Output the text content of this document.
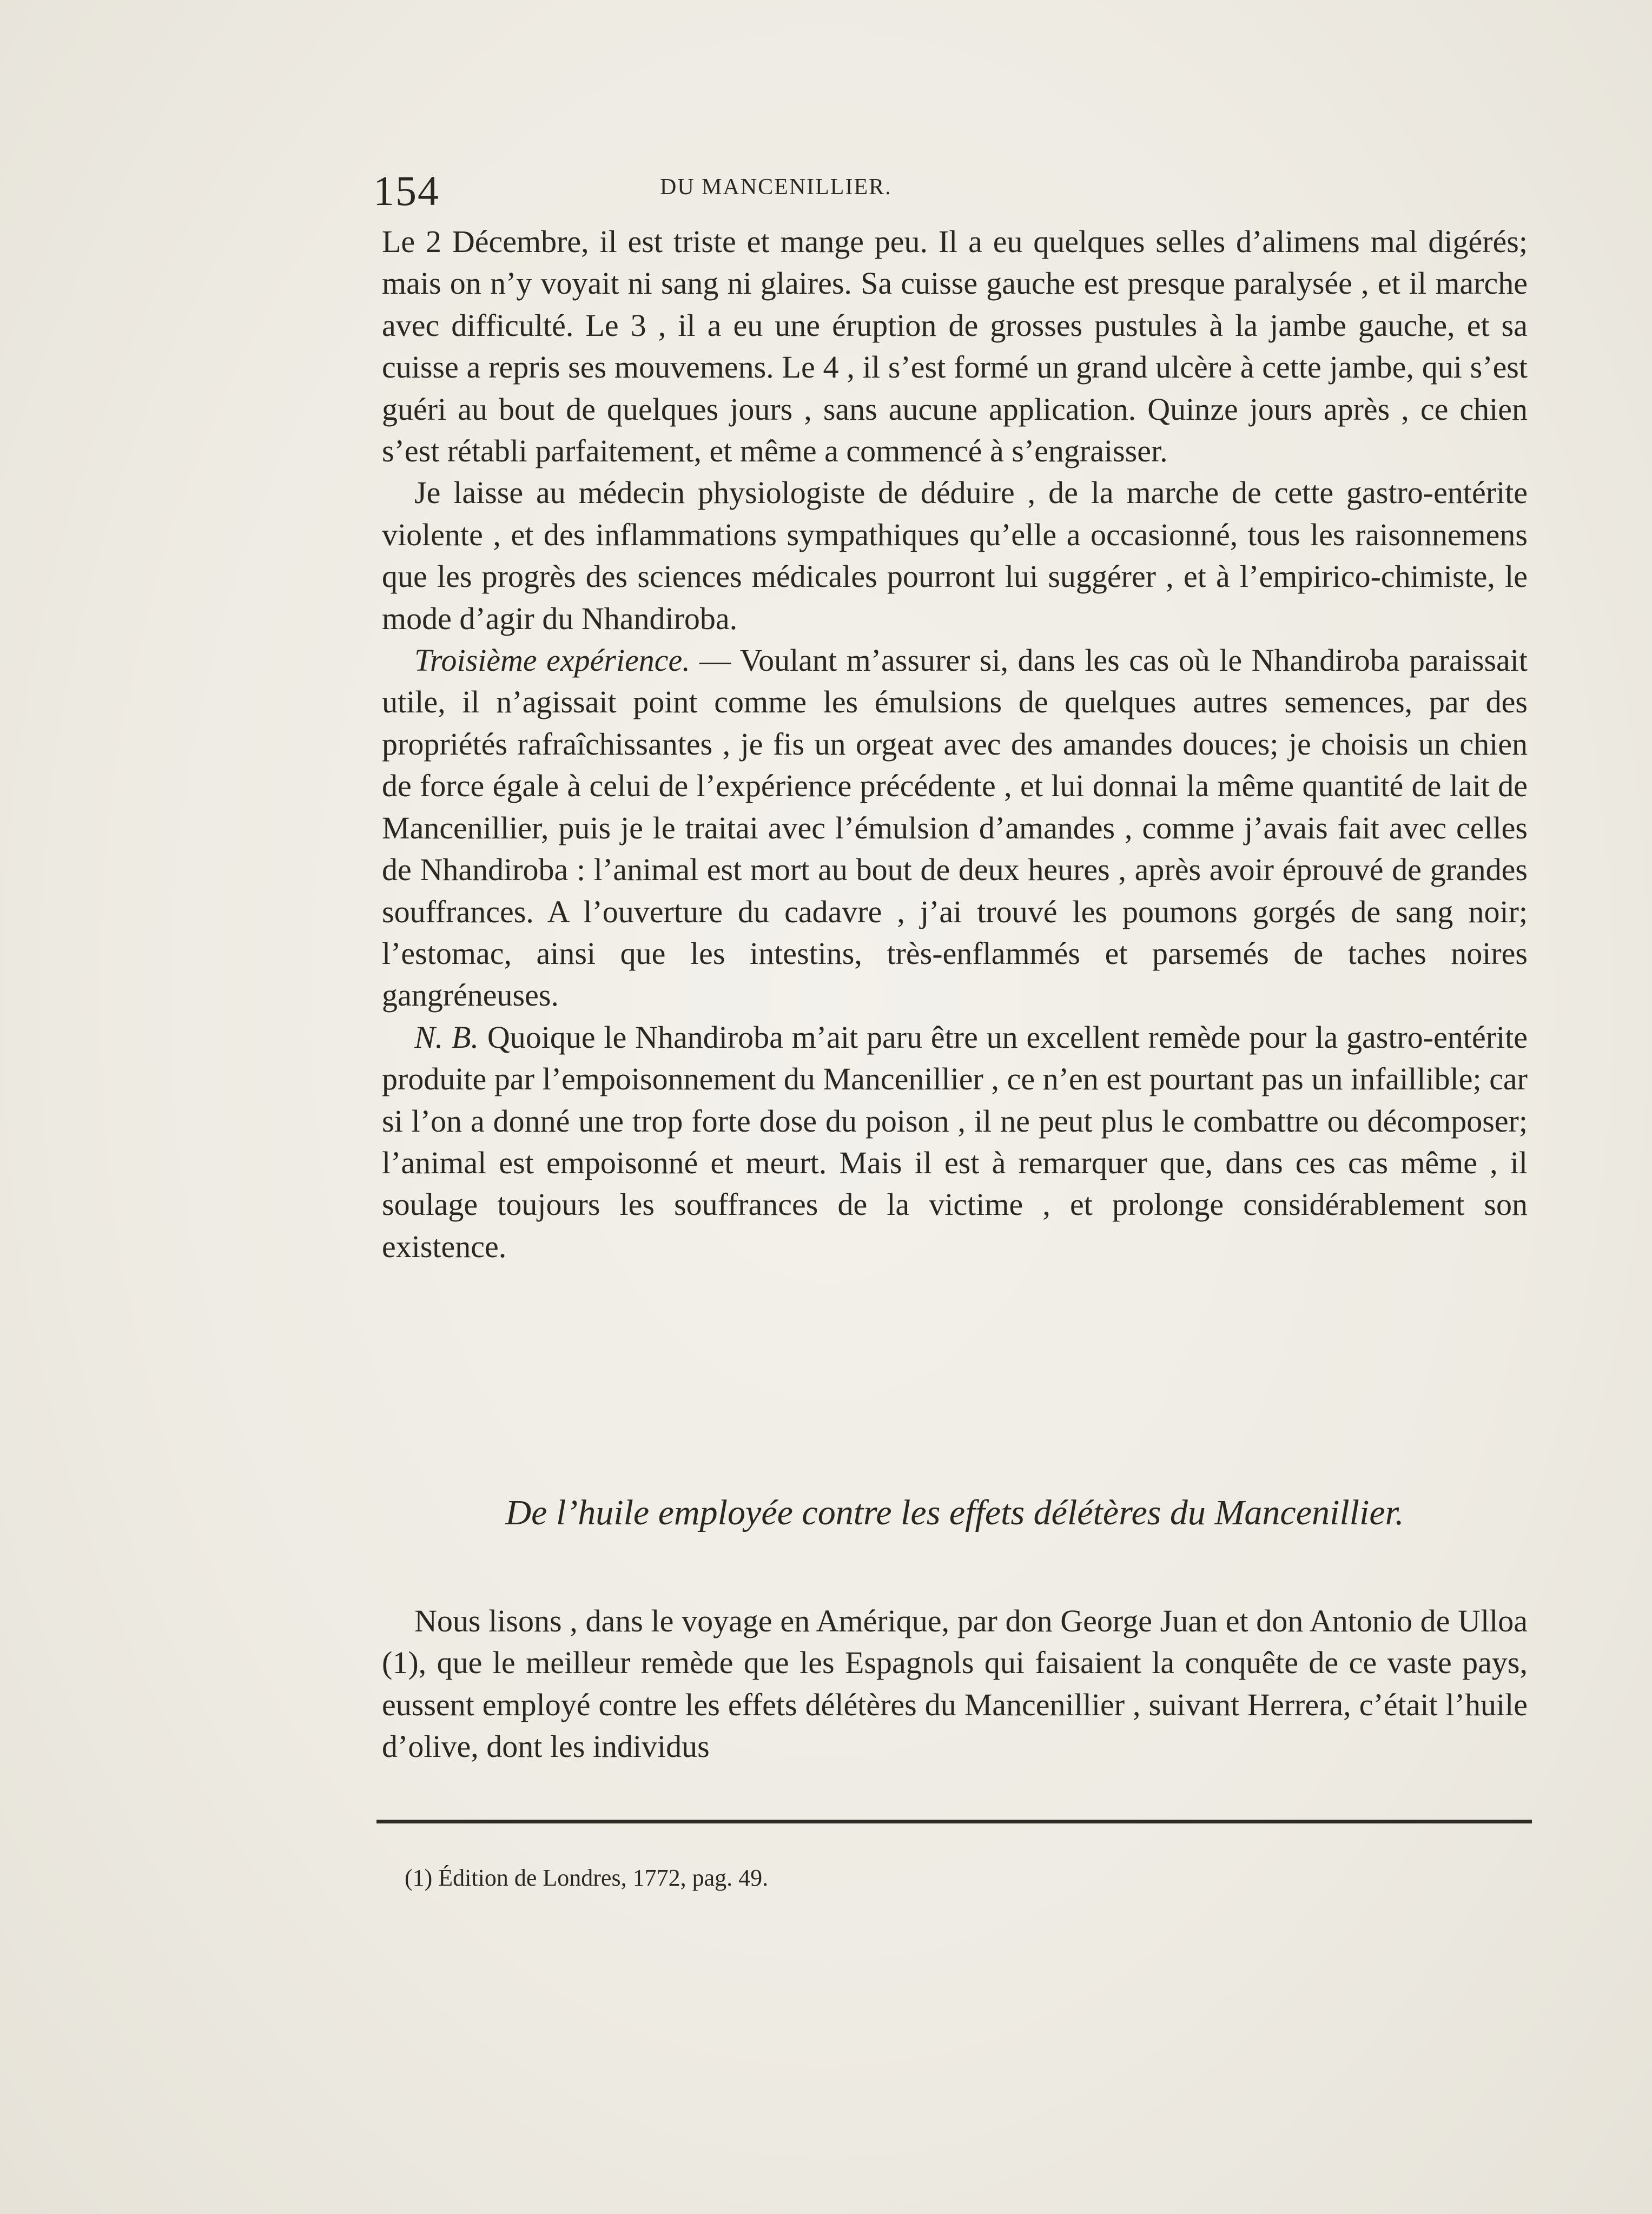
154	DU MANCENILLIER.

Le 2 Décembre, il est triste et mange peu. Il a eu quelques selles d’alimens mal digérés; mais on n’y voyait ni sang ni glaires. Sa cuisse gauche est presque paralysée , et il marche avec difficulté. Le 3 , il a eu une éruption de grosses pustules à la jambe gauche, et sa cuisse a repris ses mouvemens. Le 4 , il s’est formé un grand ulcère à cette jambe, qui s’est guéri au bout de quelques jours , sans aucune application. Quinze jours après , ce chien s’est rétabli parfaitement, et même a commencé à s’engraisser.

Je laisse au médecin physiologiste de déduire , de la marche de cette gastro-entérite violente , et des inflammations sympathiques qu’elle a occasionné, tous les raisonnemens que les progrès des sciences médicales pourront lui suggérer , et à l’empirico-chimiste, le mode d’agir du Nhandiroba.

Troisième expérience. — Voulant m’assurer si, dans les cas où le Nhandiroba paraissait utile, il n’agissait point comme les émulsions de quelques autres semences, par des propriétés rafraîchissantes , je fis un orgeat avec des amandes douces; je choisis un chien de force égale à celui de l’expérience précédente , et lui donnai la même quantité de lait de Mancenillier, puis je le traitai avec l’émulsion d’amandes , comme j’avais fait avec celles de Nhandiroba : l’animal est mort au bout de deux heures , après avoir éprouvé de grandes souffrances. A l’ouverture du cadavre , j’ai trouvé les poumons gorgés de sang noir; l’estomac, ainsi que les intestins, très-enflammés et parsemés de taches noires gangréneuses.

N. B. Quoique le Nhandiroba m’ait paru être un excellent remède pour la gastro-entérite produite par l’empoisonnement du Mancenillier , ce n’en est pourtant pas un infaillible; car si l’on a donné une trop forte dose du poison , il ne peut plus le combattre ou décomposer; l’animal est empoisonné et meurt. Mais il est à remarquer que, dans ces cas même , il soulage toujours les souffrances de la victime , et prolonge considérablement son existence.

De l’huile employée contre les effets délétères du Mancenillier.

Nous lisons , dans le voyage en Amérique, par don George Juan et don Antonio de Ulloa (1), que le meilleur remède que les Espagnols qui faisaient la conquête de ce vaste pays, eussent employé contre les effets délétères du Mancenillier , suivant Herrera, c’était l’huile d’olive, dont les individus

(1) Édition de Londres, 1772, pag. 49.
